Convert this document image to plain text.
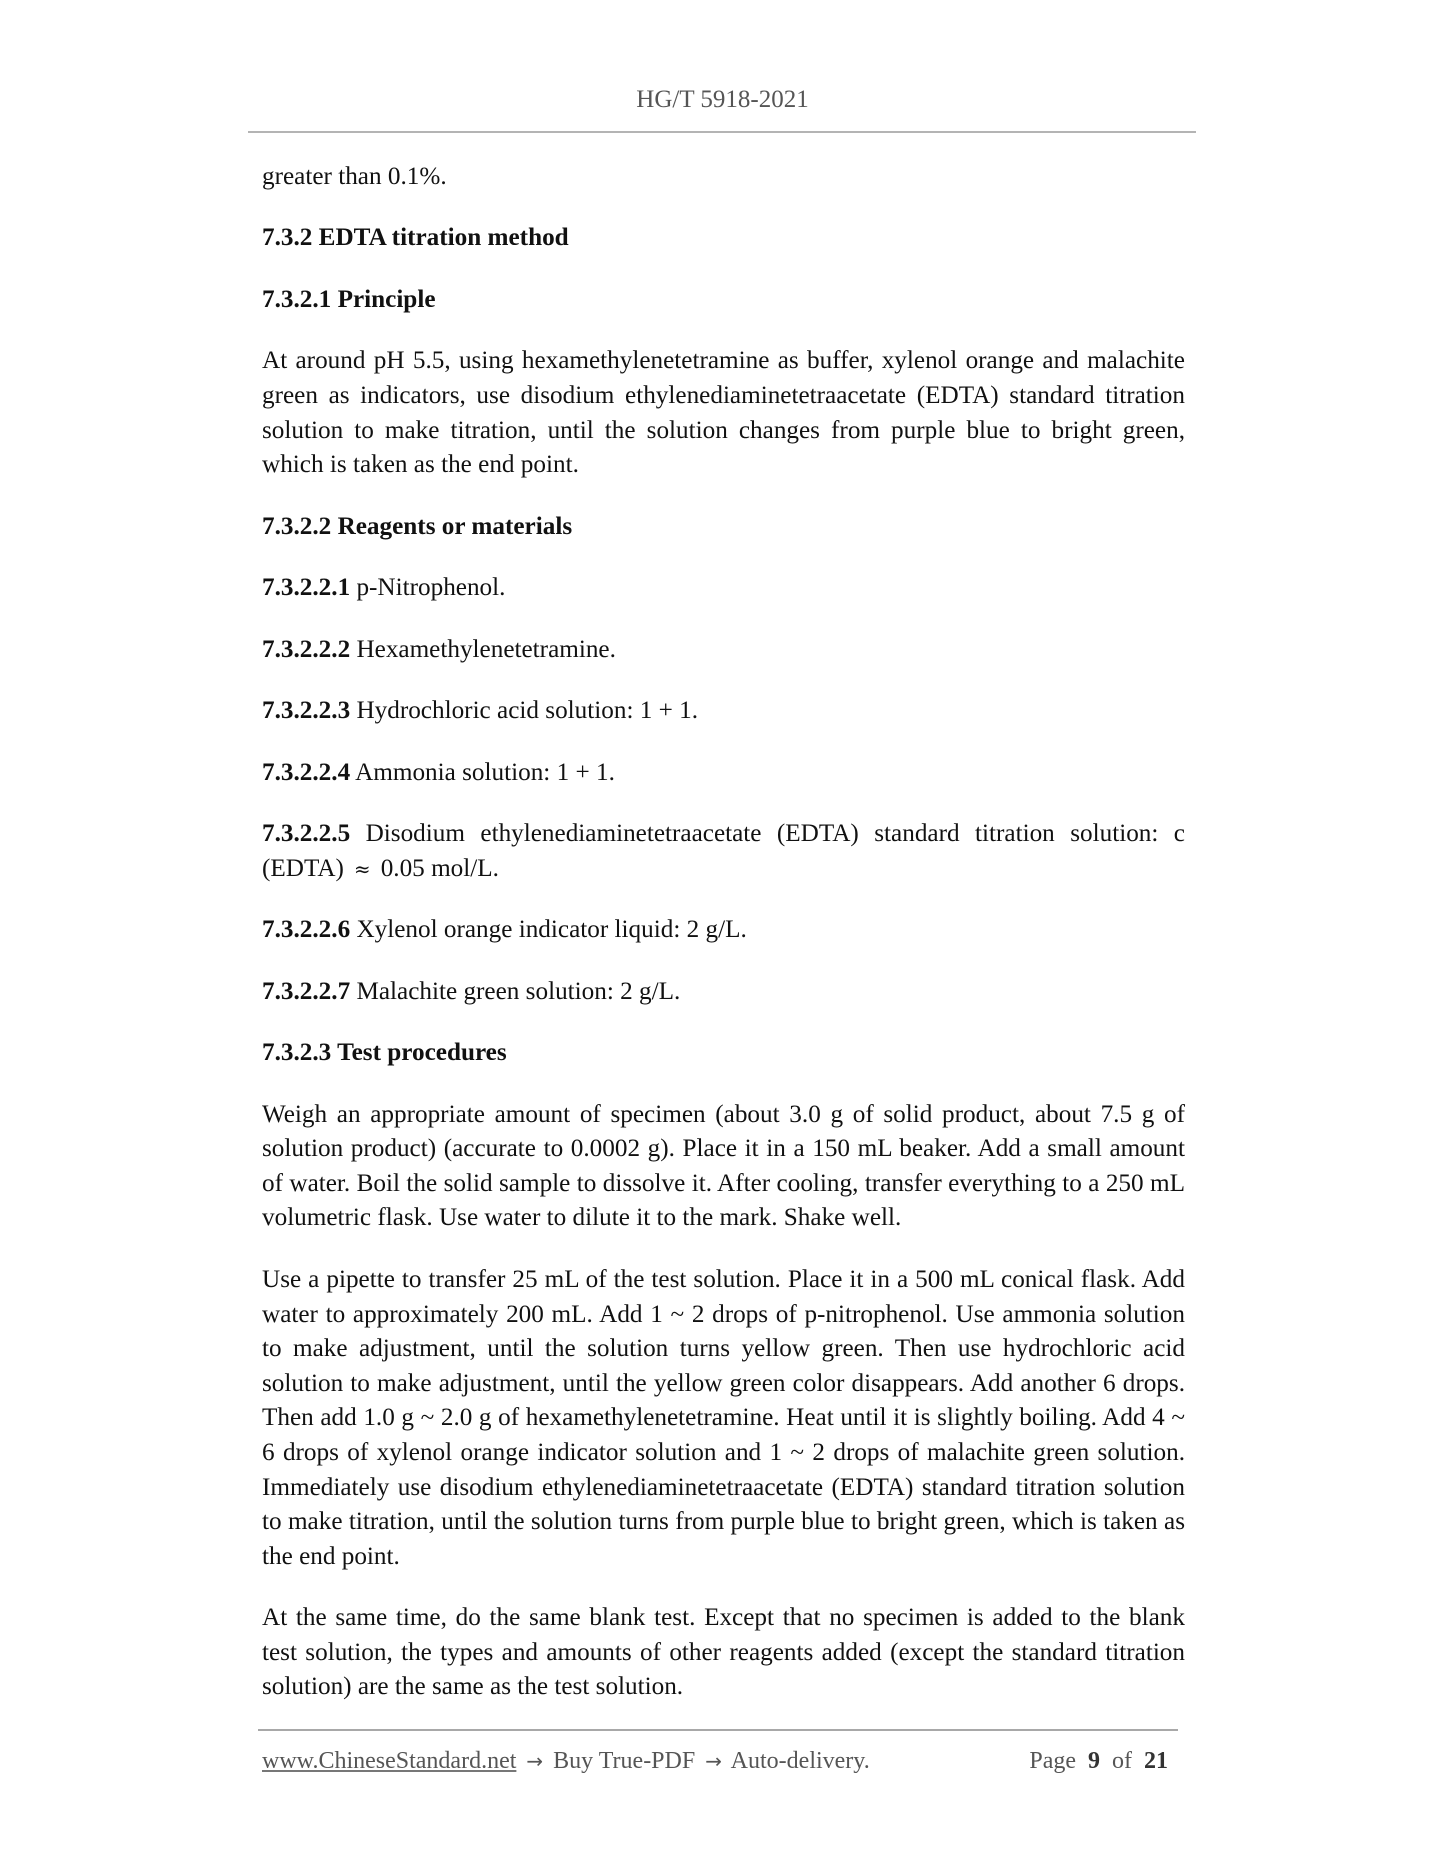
HG/T 5918-2021

greater than 0.1%.

7.3.2 EDTA titration method

7.3.2.1 Principle

At around pH 5.5, using hexamethylenetetramine as buffer, xylenol orange and malachite green as indicators, use disodium ethylenediaminetetraacetate (EDTA) standard titration solution to make titration, until the solution changes from purple blue to bright green, which is taken as the end point.

7.3.2.2 Reagents or materials

7.3.2.2.1 p-Nitrophenol.

7.3.2.2.2 Hexamethylenetetramine.

7.3.2.2.3 Hydrochloric acid solution: 1 + 1.

7.3.2.2.4 Ammonia solution: 1 + 1.

7.3.2.2.5 Disodium ethylenediaminetetraacetate (EDTA) standard titration solution: c (EDTA) ≈ 0.05 mol/L.

7.3.2.2.6 Xylenol orange indicator liquid: 2 g/L.

7.3.2.2.7 Malachite green solution: 2 g/L.

7.3.2.3 Test procedures

Weigh an appropriate amount of specimen (about 3.0 g of solid product, about 7.5 g of solution product) (accurate to 0.0002 g). Place it in a 150 mL beaker. Add a small amount of water. Boil the solid sample to dissolve it. After cooling, transfer everything to a 250 mL volumetric flask. Use water to dilute it to the mark. Shake well.

Use a pipette to transfer 25 mL of the test solution. Place it in a 500 mL conical flask. Add water to approximately 200 mL. Add 1 ~ 2 drops of p-nitrophenol. Use ammonia solution to make adjustment, until the solution turns yellow green. Then use hydrochloric acid solution to make adjustment, until the yellow green color disappears. Add another 6 drops. Then add 1.0 g ~ 2.0 g of hexamethylenetetramine. Heat until it is slightly boiling. Add 4 ~ 6 drops of xylenol orange indicator solution and 1 ~ 2 drops of malachite green solution. Immediately use disodium ethylenediaminetetraacetate (EDTA) standard titration solution to make titration, until the solution turns from purple blue to bright green, which is taken as the end point.

At the same time, do the same blank test. Except that no specimen is added to the blank test solution, the types and amounts of other reagents added (except the standard titration solution) are the same as the test solution.

www.ChineseStandard.net → Buy True-PDF → Auto-delivery.	Page 9 of 21
